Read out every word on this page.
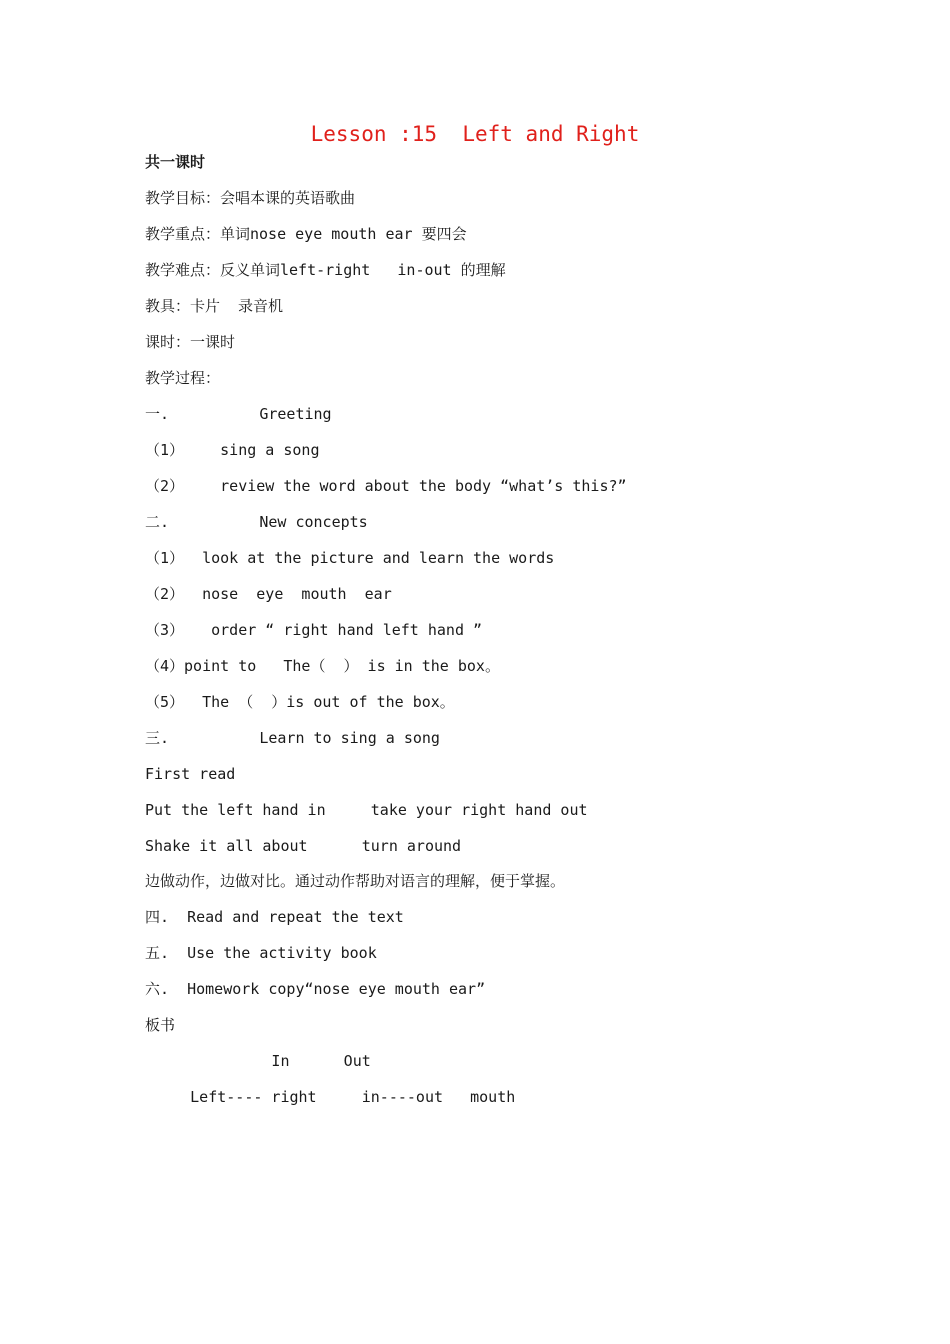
Lesson :15  Left and Right
共一课时
教学目标：会唱本课的英语歌曲
教学重点：单词nose eye mouth ear 要四会
教学难点：反义单词left-right   in-out 的理解
教具：卡片  录音机
课时：一课时
教学过程：
一.          Greeting
（1）    sing a song
（2）    review the word about the body “what’s this?”
二.          New concepts
（1）  look at the picture and learn the words
（2）  nose  eye  mouth  ear
（3）   order “ right hand left hand ”
（4）point to   The（  ） is in the box。
（5）  The （  ）is out of the box。
三.          Learn to sing a song
First read
Put the left hand in     take your right hand out
Shake it all about      turn around
边做动作，边做对比。通过动作帮助对语言的理解，便于掌握。
四.  Read and repeat the text
五.  Use the activity book
六.  Homework copy“nose eye mouth ear”
板书
In      Out
Left---- right     in----out   mouth
